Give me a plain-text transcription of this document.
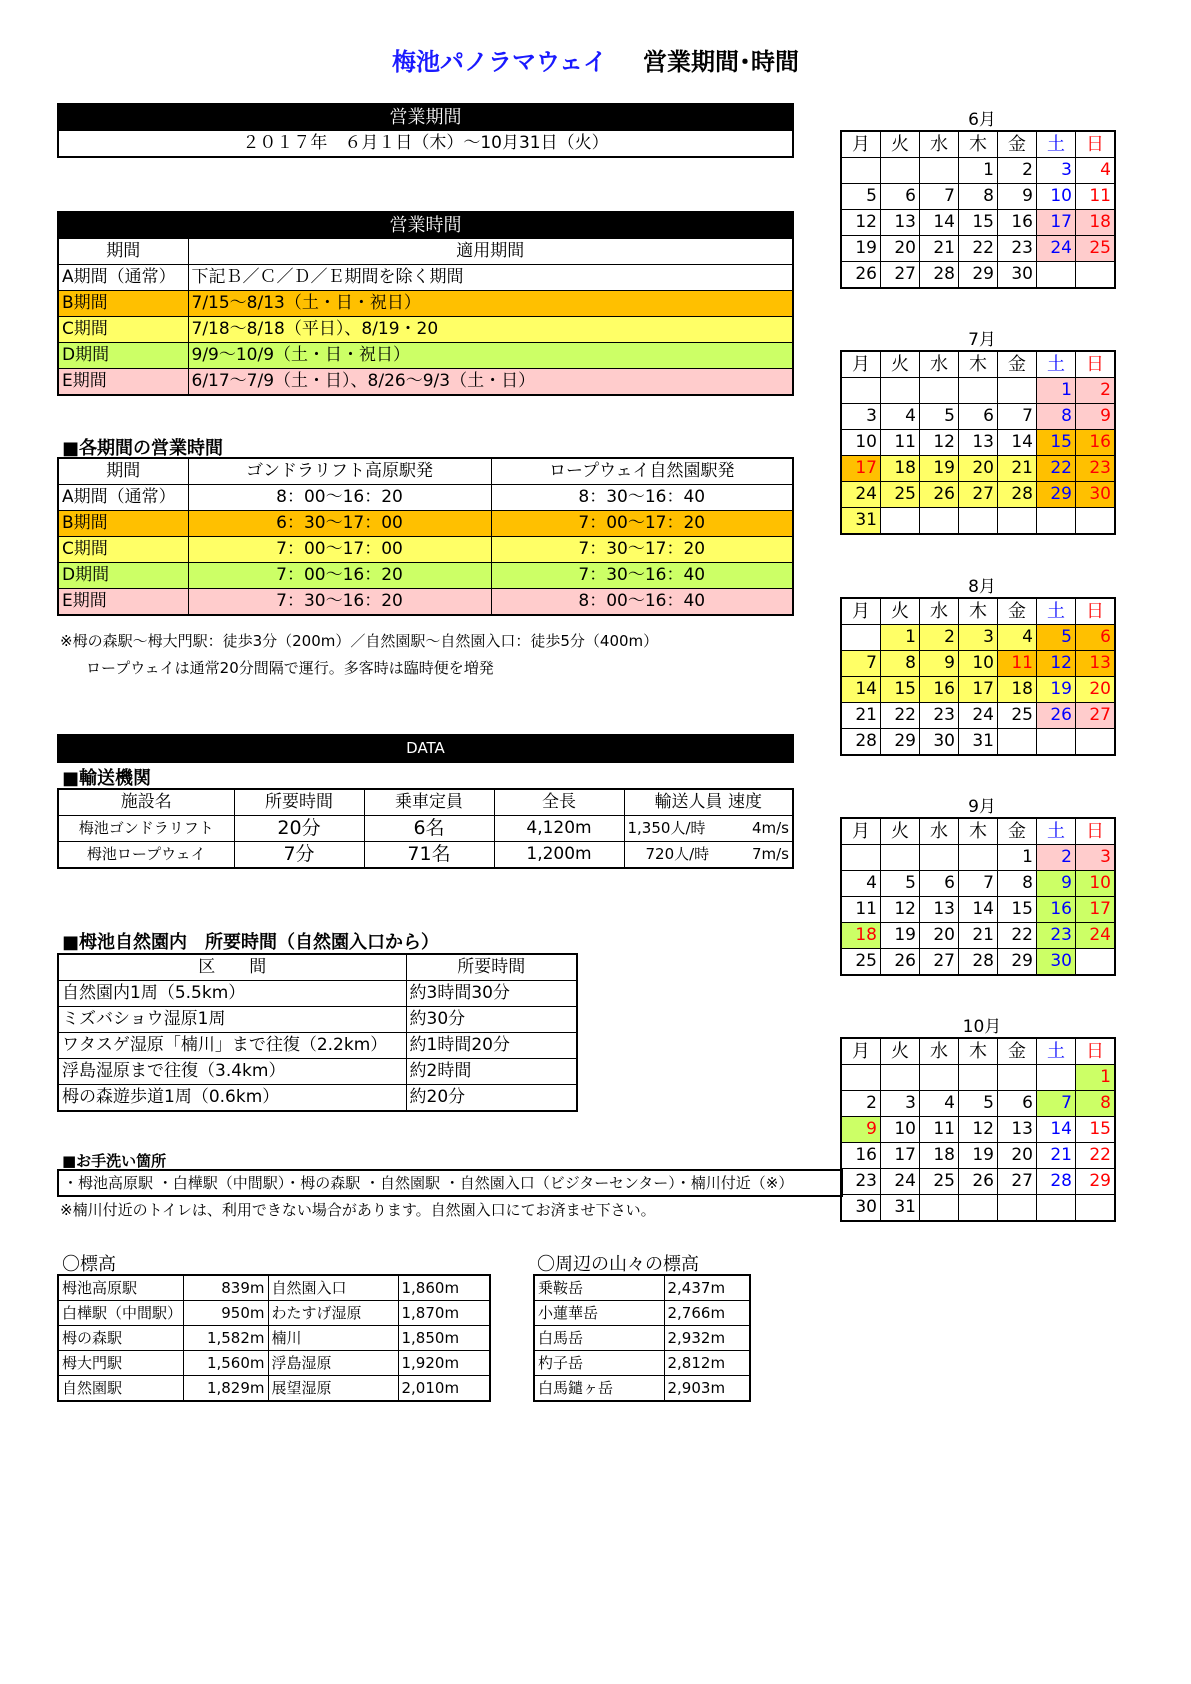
梅池パノラマウェイ 営業期間･時間
営業期間
２０１７年　６月１日（木）～10月31日（火）
営業時間	
期間	適用期間
A期間（通常）	下記Ｂ／Ｃ／Ｄ／Ｅ期間を除く期間
B期間	7/15～8/13（土・日・祝日）
C期間	7/18～8/18（平日）、8/19・20
D期間	9/9～10/9（土・日・祝日）
E期間	6/17～7/9（土・日）、8/26～9/3（土・日）
■各期間の営業時間
期間	ゴンドラリフト高原駅発	ロープウェイ自然園駅発
A期間（通常）	8：00～16：20	8：30～16：40
B期間	6：30～17：00	7：00～17：20
C期間	7：00～17：00	7：30～17：20
D期間	7：00～16：20	7：30～16：40
E期間	7：30～16：20	8：00～16：40
※栂の森駅～栂大門駅：徒歩3分（200m）／自然園駅～自然園入口：徒歩5分（400m）
ロープウェイは通常20分間隔で運行。多客時は臨時便を増発
DATA
■輸送機関
施設名	所要時間	乗車定員	全長	輸送人員 速度
梅池ゴンドラリフト	20分	6名	4,120m	1,350人/時 4m/s

栂池ロープウェイ	7分	71名	1,200m	720人/時 7m/s
■栂池自然園内　所要時間（自然園入口から）
区　　間	所要時間
自然園内1周（5.5km）	約3時間30分
ミズバショウ湿原1周	約30分
ワタスゲ湿原「楠川」まで往復（2.2km）	約1時間20分
浮島湿原まで往復（3.4km）	約2時間
栂の森遊歩道1周（0.6km）	約20分
■お手洗い箇所
・栂池高原駅 ・白樺駅（中間駅）・栂の森駅 ・自然園駅 ・自然園入口（ビジターセンター）・楠川付近（※）
※楠川付近のトイレは、利用できない場合があります。自然園入口にてお済ませ下さい。
〇標高
栂池高原駅	839m	自然園入口	1,860m
白樺駅（中間駅）	950m	わたすげ湿原	1,870m
栂の森駅	1,582m	楠川	1,850m
栂大門駅	1,560m	浮島湿原	1,920m
自然園駅	1,829m	展望湿原	2,010m
〇周辺の山々の標高
乗鞍岳	2,437m
小蓮華岳	2,766m
白馬岳	2,932m
杓子岳	2,812m
白馬鑓ヶ岳	2,903m
6月
月	火	水	木	金	土	日
			1	2	3	4
5	6	7	8	9	10	11
12	13	14	15	16	17	18
19	20	21	22	23	24	25
26	27	28	29	30		
7月
月	火	水	木	金	土	日
					1	2
3	4	5	6	7	8	9
10	11	12	13	14	15	16
17	18	19	20	21	22	23
24	25	26	27	28	29	30
31						
8月
月	火	水	木	金	土	日
	1	2	3	4	5	6
7	8	9	10	11	12	13
14	15	16	17	18	19	20
21	22	23	24	25	26	27
28	29	30	31			
9月
月	火	水	木	金	土	日
				1	2	3
4	5	6	7	8	9	10
11	12	13	14	15	16	17
18	19	20	21	22	23	24
25	26	27	28	29	30	
10月
月	火	水	木	金	土	日
						1
2	3	4	5	6	7	8
9	10	11	12	13	14	15
16	17	18	19	20	21	22
23	24	25	26	27	28	29
30	31					
